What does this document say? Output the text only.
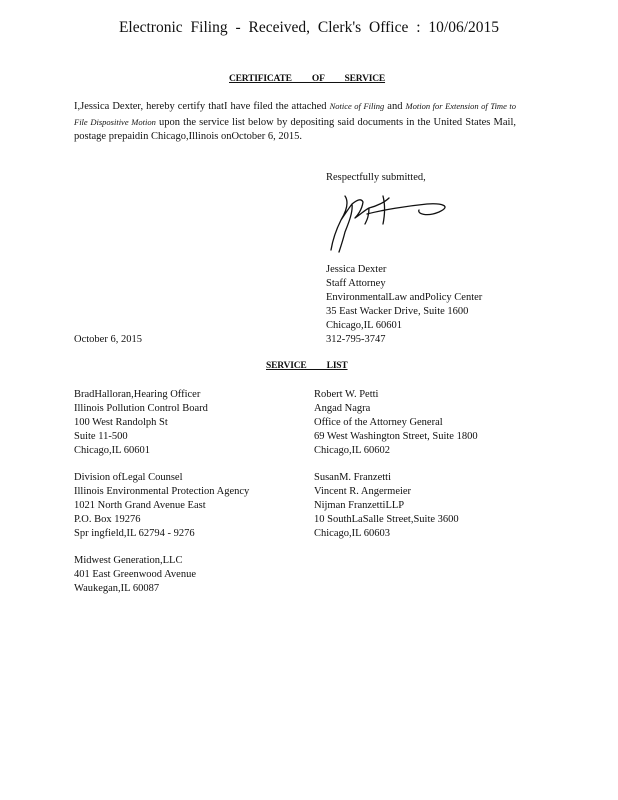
Electronic Filing - Received, Clerk's Office : 10/06/2015
CERTIFICATE OF SERVICE
I,Jessica Dexter, hereby certify thatI have filed the attached Notice of Filing and Motion for Extension of Time to File Dispositive Motion upon the service list below by depositing said documents in the United States Mail, postage prepaidin Chicago,Illinois onOctober 6, 2015.
Respectfully submitted,
Jessica Dexter
Staff Attorney
EnvironmentalLaw andPolicy Center
35 East Wacker Drive, Suite 1600
Chicago,IL 60601
312-795-3747
October 6, 2015
SERVICE LIST
BradHalloran,Hearing Officer
Illinois Pollution Control Board
100 West Randolph St
Suite 11-500
Chicago,IL 60601
Robert W. Petti
Angad Nagra
Office of the Attorney General
69 West Washington Street, Suite 1800
Chicago,IL 60602
Division ofLegal Counsel
Illinois Environmental Protection Agency
1021 North Grand Avenue East
P.O. Box 19276
Spr ingfield,IL 62794 - 9276
SusanM. Franzetti
Vincent R. Angermeier
Nijman FranzettiLLP
10 SouthLaSalle Street,Suite 3600
Chicago,IL 60603
Midwest Generation,LLC
401 East Greenwood Avenue
Waukegan,IL 60087
